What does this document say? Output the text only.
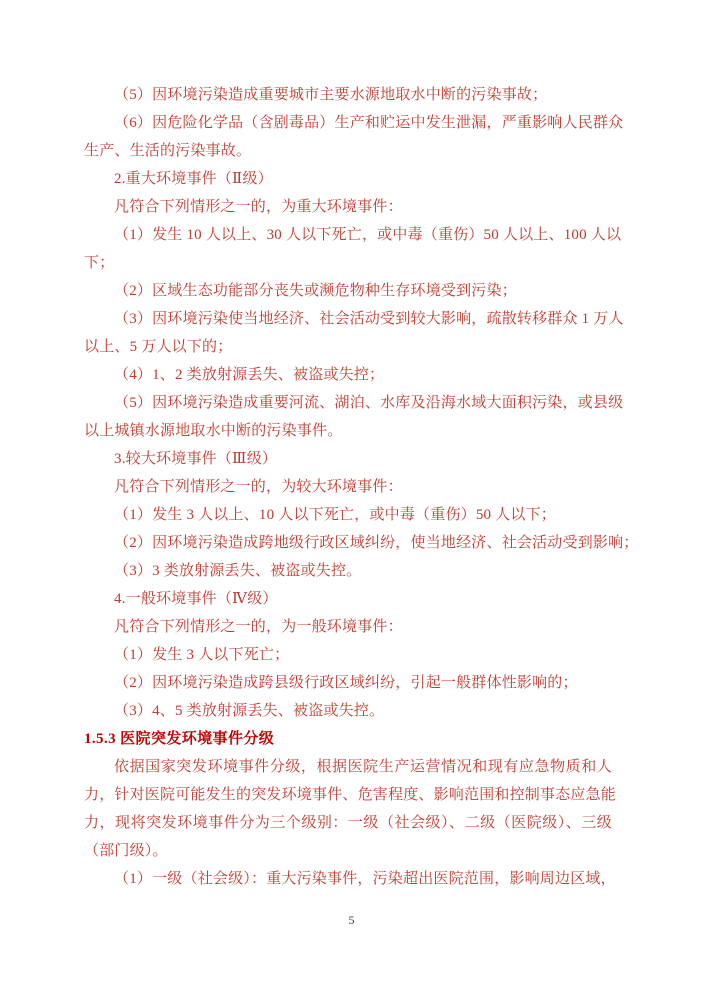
（5）因环境污染造成重要城市主要水源地取水中断的污染事故；
（6）因危险化学品（含剧毒品）生产和贮运中发生泄漏，严重影响人民群众
生产、生活的污染事故。
2.重大环境事件（Ⅱ级）
凡符合下列情形之一的，为重大环境事件：
（1）发生 10 人以上、30 人以下死亡，或中毒（重伤）50 人以上、100 人以
下；
（2）区域生态功能部分丧失或濒危物种生存环境受到污染；
（3）因环境污染使当地经济、社会活动受到较大影响，疏散转移群众 1 万人
以上、5 万人以下的；
（4）1、2 类放射源丢失、被盗或失控；
（5）因环境污染造成重要河流、湖泊、水库及沿海水域大面积污染，或县级
以上城镇水源地取水中断的污染事件。
3.较大环境事件（Ⅲ级）
凡符合下列情形之一的，为较大环境事件：
（1）发生 3 人以上、10 人以下死亡，或中毒（重伤）50 人以下；
（2）因环境污染造成跨地级行政区域纠纷，使当地经济、社会活动受到影响；
（3）3 类放射源丢失、被盗或失控。
4.一般环境事件（Ⅳ级）
凡符合下列情形之一的，为一般环境事件：
（1）发生 3 人以下死亡；
（2）因环境污染造成跨县级行政区域纠纷，引起一般群体性影响的；
（3）4、5 类放射源丢失、被盗或失控。
1.5.3 医院突发环境事件分级
依据国家突发环境事件分级，根据医院生产运营情况和现有应急物质和人
力，针对医院可能发生的突发环境事件、危害程度、影响范围和控制事态应急能
力，现将突发环境事件分为三个级别：一级（社会级）、二级（医院级）、三级
（部门级）。
（1）一级（社会级）：重大污染事件，污染超出医院范围，影响周边区域，
5
